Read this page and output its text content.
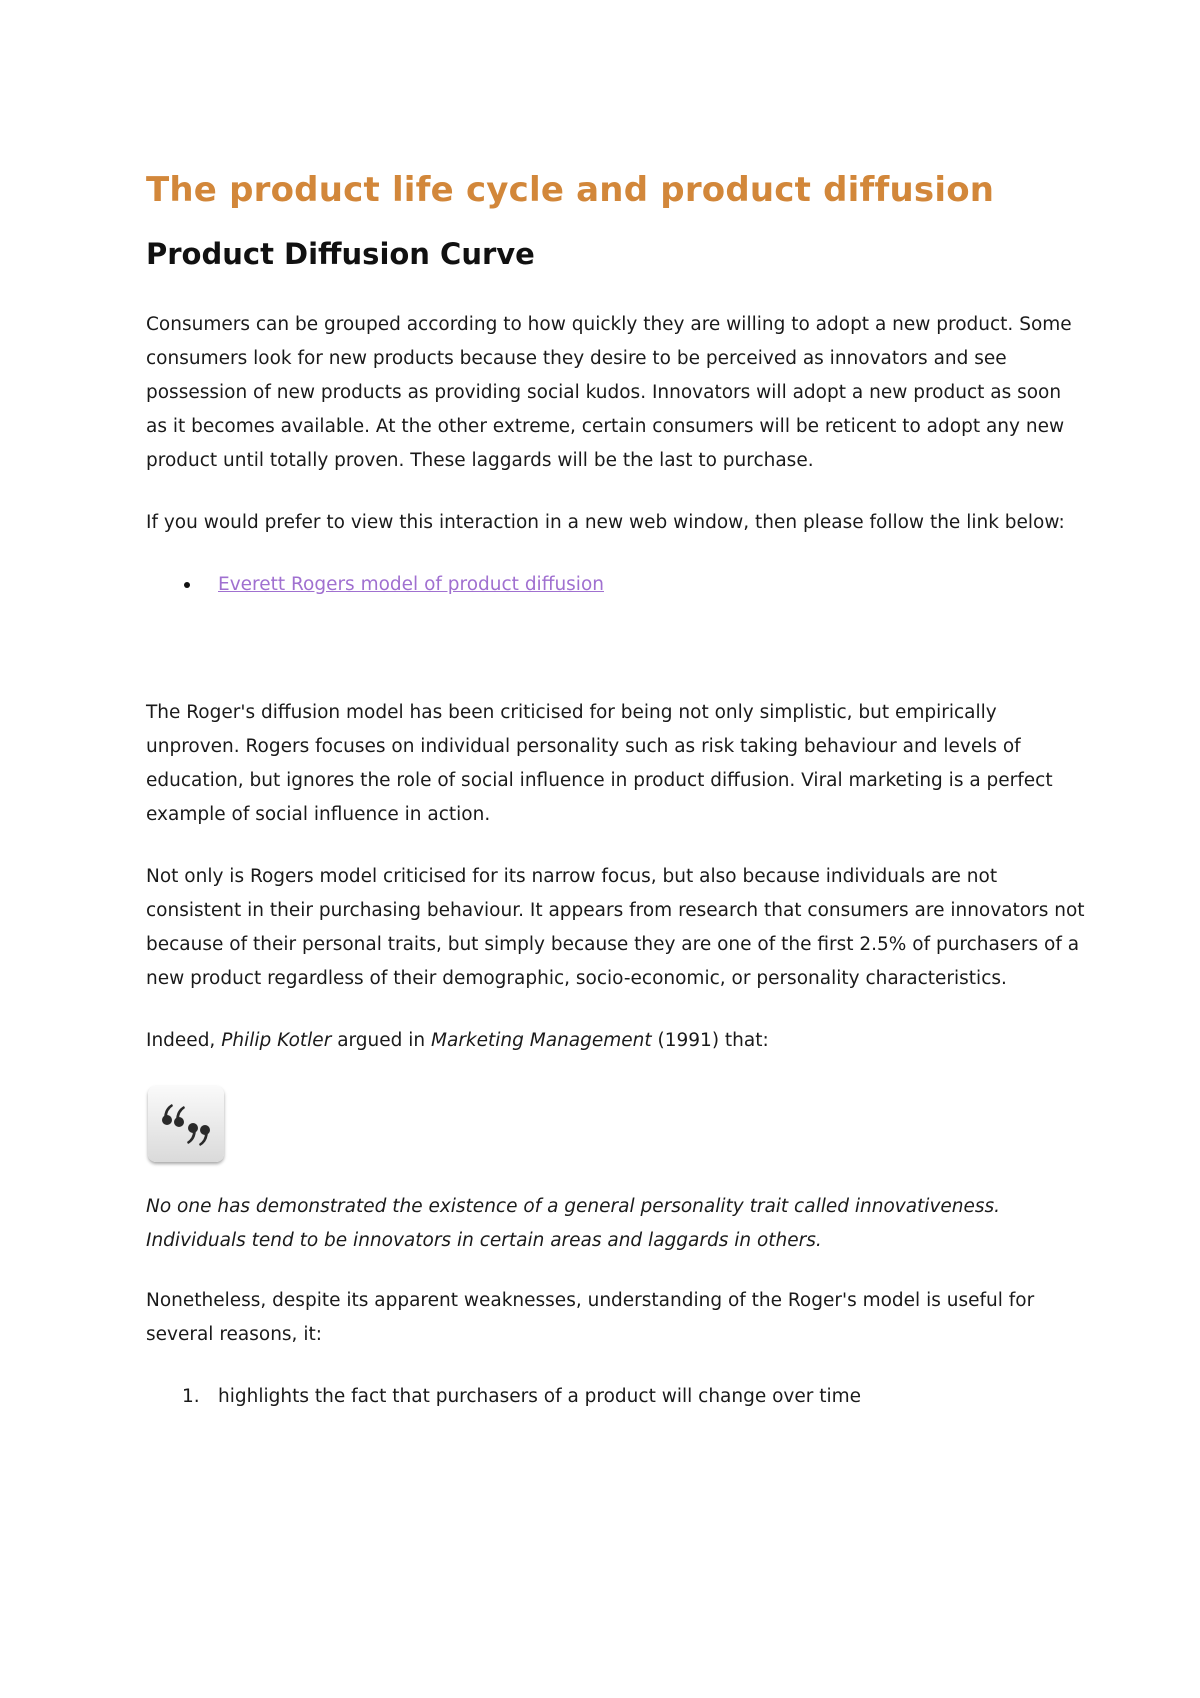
The product life cycle and product diffusion
Product Diffusion Curve

Consumers can be grouped according to how quickly they are willing to adopt a new product. Some consumers look for new products because they desire to be perceived as innovators and see possession of new products as providing social kudos. Innovators will adopt a new product as soon as it becomes available. At the other extreme, certain consumers will be reticent to adopt any new product until totally proven. These laggards will be the last to purchase.

If you would prefer to view this interaction in a new web window, then please follow the link below:

Everett Rogers model of product diffusion

The Roger's diffusion model has been criticised for being not only simplistic, but empirically unproven. Rogers focuses on individual personality such as risk taking behaviour and levels of education, but ignores the role of social influence in product diffusion. Viral marketing is a perfect example of social influence in action.

Not only is Rogers model criticised for its narrow focus, but also because individuals are not consistent in their purchasing behaviour. It appears from research that consumers are innovators not because of their personal traits, but simply because they are one of the first 2.5% of purchasers of a new product regardless of their demographic, socio-economic, or personality characteristics.

Indeed, Philip Kotler argued in Marketing Management (1991) that:

No one has demonstrated the existence of a general personality trait called innovativeness. Individuals tend to be innovators in certain areas and laggards in others.

Nonetheless, despite its apparent weaknesses, understanding of the Roger's model is useful for several reasons, it:

1. highlights the fact that purchasers of a product will change over time
